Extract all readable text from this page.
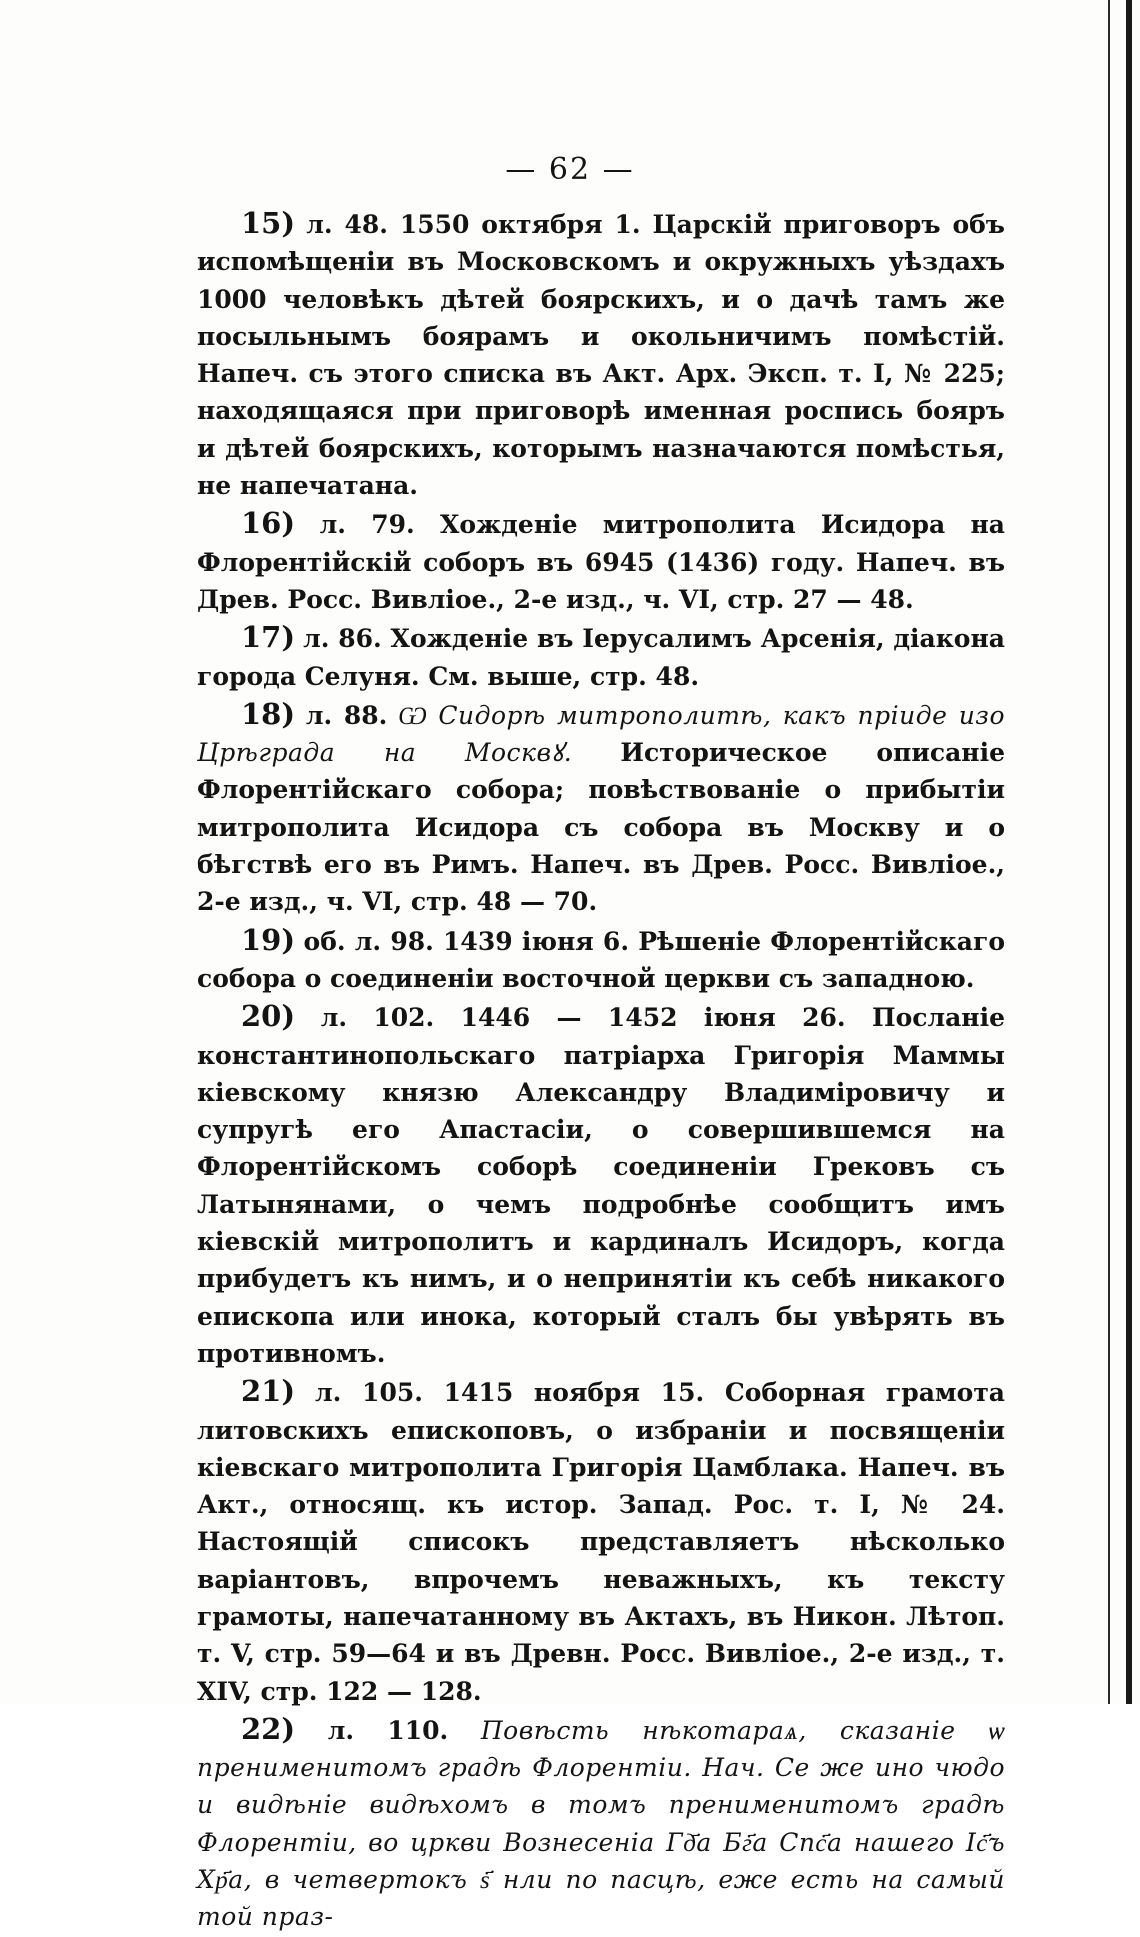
— 62 —

15) л. 48. 1550 октября 1. Царскій приговоръ объ испомѣщеніи въ Московскомъ и окружныхъ уѣздахъ 1000 человѣкъ дѣтей боярскихъ, и о дачѣ тамъ же посыльнымъ боярамъ и окольничимъ помѣстій. Напеч. съ этого списка въ Акт. Арх. Эксп. т. I, № 225; находящаяся при приговорѣ именная роспись бояръ и дѣтей боярскихъ, которымъ назначаются помѣстья, не напечатана.

16) л. 79. Хожденіе митрополита Исидора на Флорентійскій соборъ въ 6945 (1436) году. Напеч. въ Древ. Росс. Вивліое., 2-е изд., ч. VI, стр. 27 — 48.

17) л. 86. Хожденіе въ Іерусалимъ Арсенія, діакона города Селуня. См. выше, стр. 48.

18) л. 88. Ѡ Сидорѣ митрополитѣ, какъ пріиде изо Црѣграда на Москвꙋ. Историческое описаніе Флорентійскаго собора; повѣствованіе о прибытіи митрополита Исидора съ собора въ Москву и о бѣгствѣ его въ Римъ. Напеч. въ Древ. Росс. Вивліое., 2-е изд., ч. VI, стр. 48 — 70.

19) об. л. 98. 1439 іюня 6. Рѣшеніе Флорентійскаго собора о соединеніи восточной церкви съ западною.

20) л. 102. 1446 — 1452 іюня 26. Посланіе константинопольскаго патріарха Григорія Маммы кіевскому князю Александру Владиміровичу и супругѣ его Апастасіи, о совершившемся на Флорентійскомъ соборѣ соединеніи Грековъ съ Латынянами, о чемъ подробнѣе сообщитъ имъ кіевскій митрополитъ и кардиналъ Исидоръ, когда прибудетъ къ нимъ, и о непринятіи къ себѣ никакого епископа или инока, который сталъ бы увѣрять въ противномъ.

21) л. 105. 1415 ноября 15. Соборная грамота литовскихъ епископовъ, о избраніи и посвященіи кіевскаго митрополита Григорія Цамблака. Напеч. въ Акт., относящ. къ истор. Запад. Рос. т. I, № 24. Настоящій списокъ представляетъ нѣсколько варіантовъ, впрочемъ неважныхъ, къ тексту грамоты, напечатанному въ Актахъ, въ Никон. Лѣтоп. т. V, стр. 59—64 и въ Древн. Росс. Вивліое., 2-е изд., т. XIV, стр. 122 — 128.

22) л. 110. Повѣсть нѣкотараѧ, сказаніе ѡ пренименитомъ градѣ Флорентіи. Нач. Се же ино чюдо и видѣніе видѣхомъ в томъ пренименитомъ градѣ Флорентіи, во цркви Вознесеніа Гд҃а Бг҃а Спс҃а нашего Іс҃ъ Хр҃а, в четвертокъ ѕ҃ нли по пасцѣ, еже есть на самый той праз-
